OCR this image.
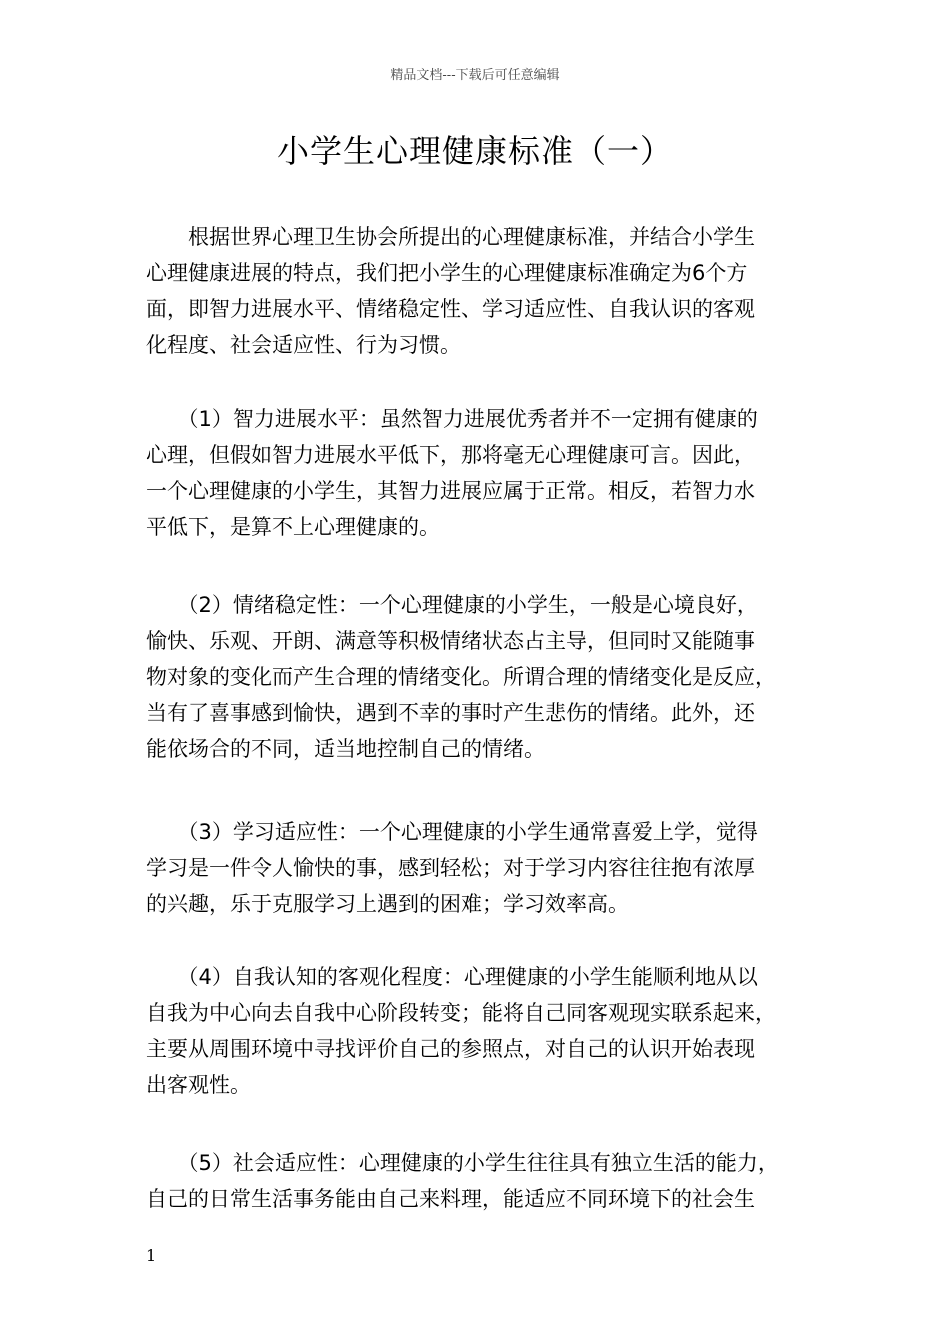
精品文档---下载后可任意编辑
小学生心理健康标准（一）
　　根据世界心理卫生协会所提出的心理健康标准，并结合小学生
心理健康进展的特点，我们把小学生的心理健康标准确定为6个方
面，即智力进展水平、情绪稳定性、学习适应性、自我认识的客观
化程度、社会适应性、行为习惯。
　　（1）智力进展水平：虽然智力进展优秀者并不一定拥有健康的
心理，但假如智力进展水平低下，那将毫无心理健康可言。因此，
一个心理健康的小学生，其智力进展应属于正常。相反，若智力水
平低下，是算不上心理健康的。
　　（2）情绪稳定性：一个心理健康的小学生，一般是心境良好，
愉快、乐观、开朗、满意等积极情绪状态占主导，但同时又能随事
物对象的变化而产生合理的情绪变化。所谓合理的情绪变化是反应，
当有了喜事感到愉快，遇到不幸的事时产生悲伤的情绪。此外，还
能依场合的不同，适当地控制自己的情绪。
　　（3）学习适应性：一个心理健康的小学生通常喜爱上学，觉得
学习是一件令人愉快的事，感到轻松；对于学习内容往往抱有浓厚
的兴趣，乐于克服学习上遇到的困难；学习效率高。
　　（4）自我认知的客观化程度：心理健康的小学生能顺利地从以
自我为中心向去自我中心阶段转变；能将自己同客观现实联系起来，
主要从周围环境中寻找评价自己的参照点，对自己的认识开始表现
出客观性。
　　（5）社会适应性：心理健康的小学生往往具有独立生活的能力，
自己的日常生活事务能由自己来料理，能适应不同环境下的社会生
1
